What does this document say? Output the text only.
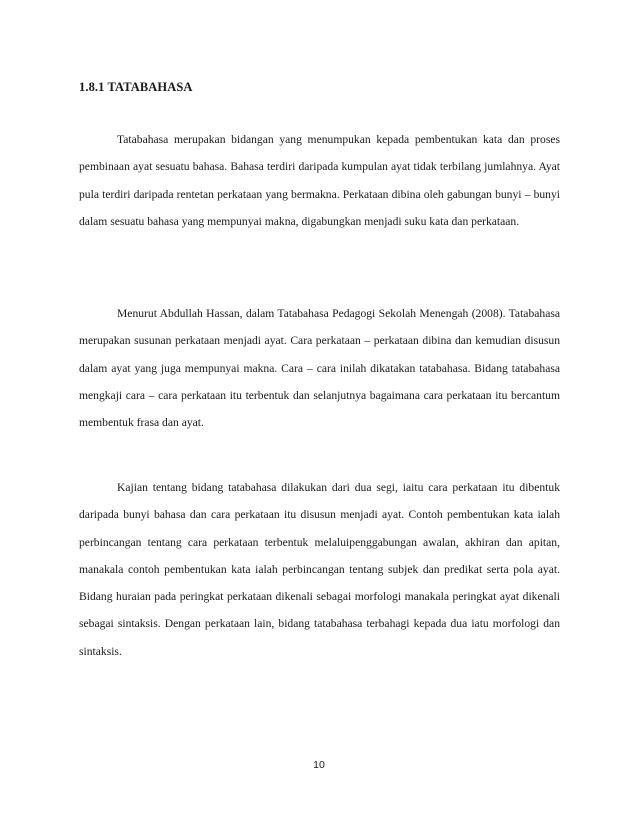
1.8.1 TATABAHASA

Tatabahasa merupakan bidangan yang menumpukan kepada pembentukan kata dan proses pembinaan ayat sesuatu bahasa. Bahasa terdiri daripada kumpulan ayat tidak terbilang jumlahnya. Ayat pula terdiri daripada rentetan perkataan yang bermakna. Perkataan dibina oleh gabungan bunyi – bunyi dalam sesuatu bahasa yang mempunyai makna, digabungkan menjadi suku kata dan perkataan.

Menurut Abdullah Hassan, dalam Tatabahasa Pedagogi Sekolah Menengah (2008). Tatabahasa merupakan susunan perkataan menjadi ayat. Cara perkataan – perkataan dibina dan kemudian disusun dalam ayat yang juga mempunyai makna. Cara – cara inilah dikatakan tatabahasa. Bidang tatabahasa mengkaji cara – cara perkataan itu terbentuk dan selanjutnya bagaimana cara perkataan itu bercantum membentuk frasa dan ayat.

Kajian tentang bidang tatabahasa dilakukan dari dua segi, iaitu cara perkataan itu dibentuk daripada bunyi bahasa dan cara perkataan itu disusun menjadi ayat. Contoh pembentukan kata ialah perbincangan tentang cara perkataan terbentuk melaluipenggabungan awalan, akhiran dan apitan, manakala contoh pembentukan kata ialah perbincangan tentang subjek dan predikat serta pola ayat. Bidang huraian pada peringkat perkataan dikenali sebagai morfologi manakala peringkat ayat dikenali sebagai sintaksis. Dengan perkataan lain, bidang tatabahasa terbahagi kepada dua iatu morfologi dan sintaksis.

10
